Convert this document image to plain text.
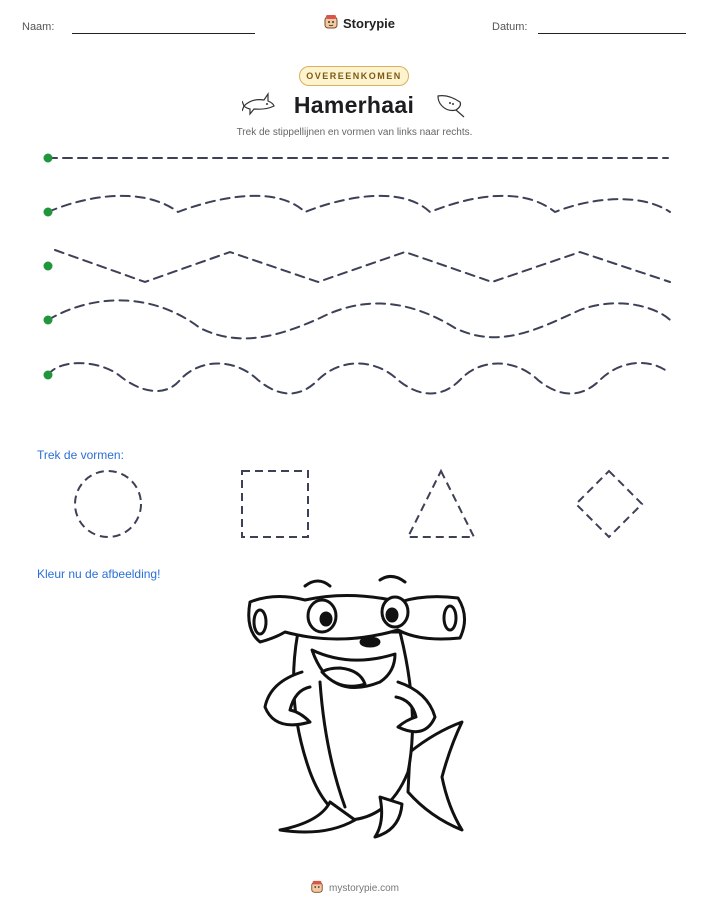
Naam:	Storypie	Datum:
OVEREENKOMEN
Hamerhaai
Trek de stippellijnen en vormen van links naar rechts.
Trek de vormen:
Kleur nu de afbeelding!
mystorypie.com
